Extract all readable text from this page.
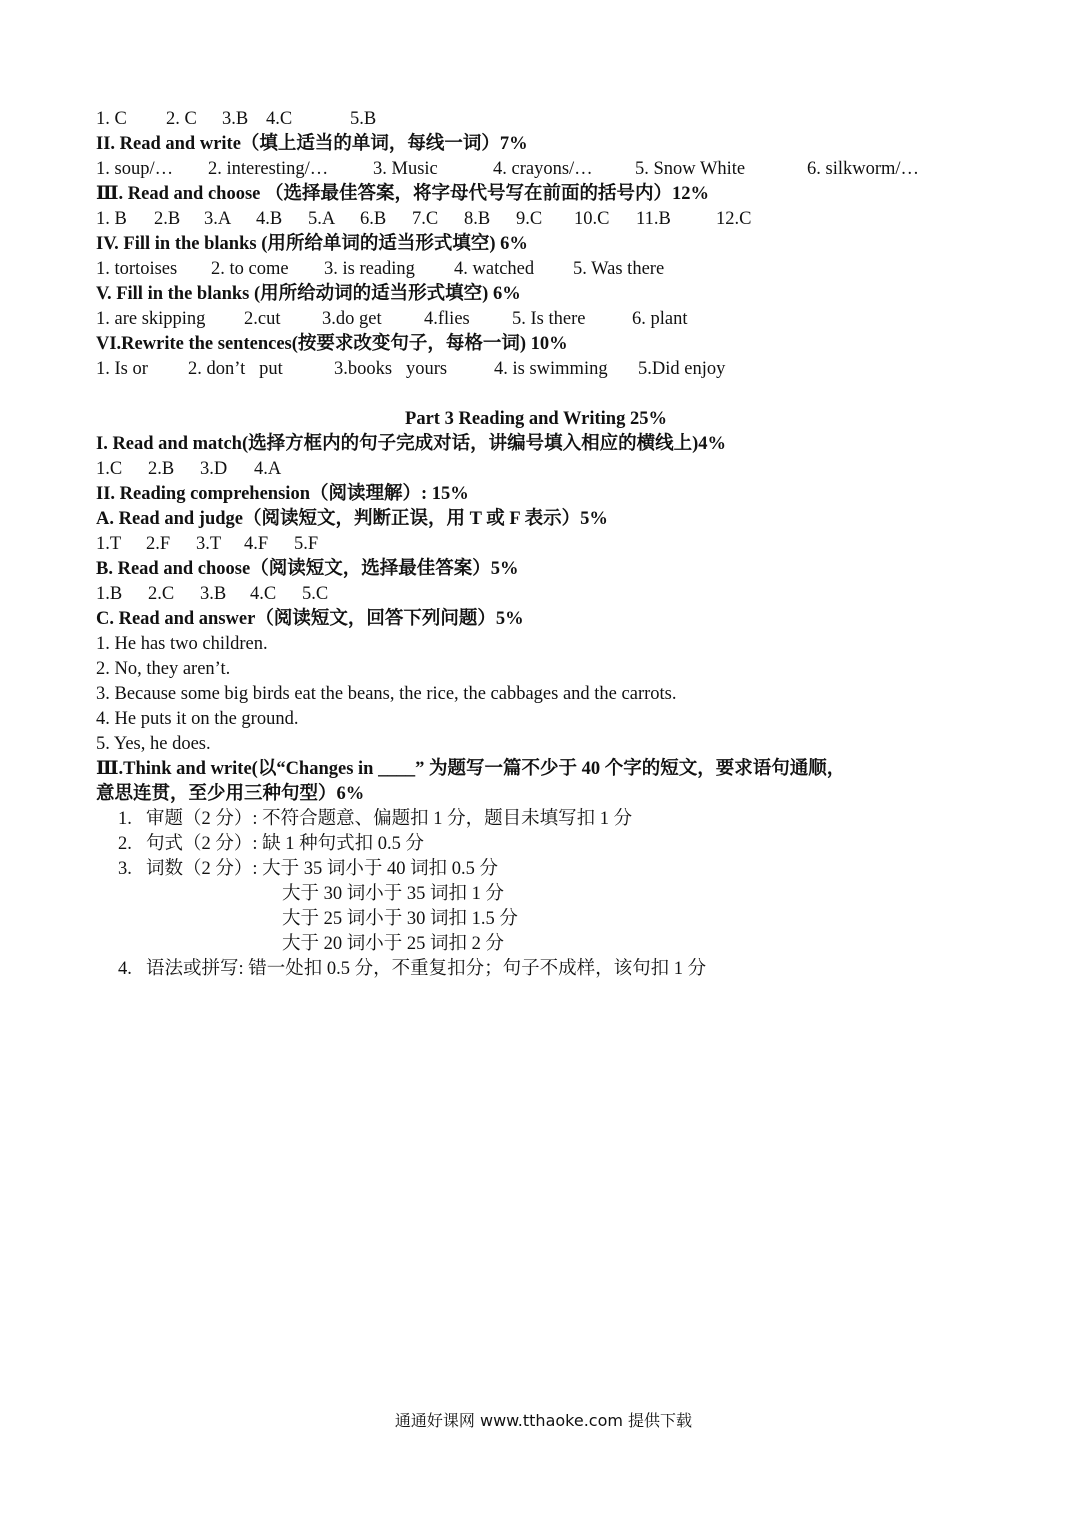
1. C	2. C	3.B 4.C	5.B
II. Read and write（填上适当的单词，每线一词）7%
1. soup/…	2. interesting/…	3. Music	4. crayons/…	5. Snow White	6. silkworm/…
Ⅲ. Read and choose （选择最佳答案，将字母代号写在前面的括号内）12%
1. B	2.B	3.A	4.B	5.A	6.B	7.C	8.B	9.C	10.C	11.B	12.C
IV. Fill in the blanks (用所给单词的适当形式填空) 6%
1. tortoises	2. to come	3. is reading	4. watched	5. Was there
V. Fill in the blanks (用所给动词的适当形式填空) 6%
1. are skipping	2.cut	3.do get	4.flies	5. Is there	6. plant
VI.Rewrite the sentences(按要求改变句子，每格一词) 10%
1. Is or	2. don’t   put	3.books   yours	4. is swimming	5.Did enjoy
Part 3 Reading and Writing 25%
I. Read and match(选择方框内的句子完成对话，讲编号填入相应的横线上)4%
1.C	2.B	3.D	4.A
II. Reading comprehension（阅读理解）: 15%
A. Read and judge（阅读短文，判断正误，用 T 或 F 表示）5%
1.T	2.F	3.T	4.F	5.F
B. Read and choose（阅读短文，选择最佳答案）5%
1.B	2.C	3.B	4.C	5.C
C. Read and answer（阅读短文，回答下列问题）5%
1. He has two children.
2. No, they aren’t.
3. Because some big birds eat the beans, the rice, the cabbages and the carrots.
4. He puts it on the ground.
5. Yes, he does.
Ⅲ.Think and write(以“Changes in ____” 为题写一篇不少于 40 个字的短文，要求语句通顺，
意思连贯，至少用三种句型）6%
1. 审题（2 分）: 不符合题意、偏题扣 1 分，题目未填写扣 1 分
2. 句式（2 分）: 缺 1 种句式扣 0.5 分
3. 词数（2 分）: 大于 35 词小于 40 词扣 0.5 分
大于 30 词小于 35 词扣 1 分
大于 25 词小于 30 词扣 1.5 分
大于 20 词小于 25 词扣 2 分
4. 语法或拼写: 错一处扣 0.5 分，不重复扣分；句子不成样，该句扣 1 分
通通好课网 www.tthaoke.com 提供下载
